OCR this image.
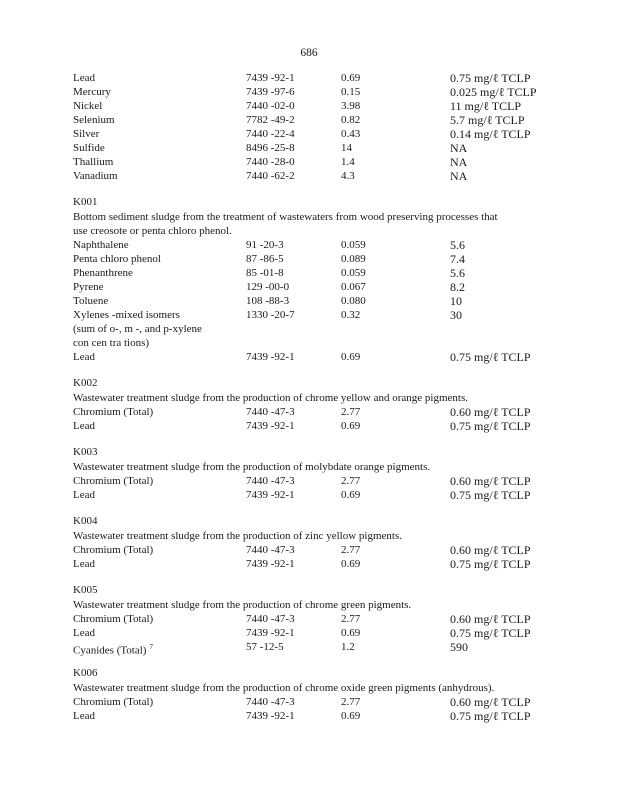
686
Lead	7439 -92-1	0.69	0.75 mg/ℓ TCLP
Mercury	7439 -97-6	0.15	0.025 mg/ℓ TCLP
Nickel	7440 -02-0	3.98	11 mg/ℓ TCLP
Selenium	7782 -49-2	0.82	5.7 mg/ℓ TCLP
Silver	7440 -22-4	0.43	0.14 mg/ℓ TCLP
Sulfide	8496 -25-8	14	NA
Thallium	7440 -28-0	1.4	NA
Vanadium	7440 -62-2	4.3	NA
K001
Bottom sediment sludge from the treatment of wastewaters from wood preserving processes that
use creosote or penta chloro phenol.
Naphthalene	91 -20-3	0.059	5.6
Penta chloro phenol	87 -86-5	0.089	7.4
Phenanthrene	85 -01-8	0.059	5.6
Pyrene	129 -00-0	0.067	8.2
Toluene	108 -88-3	0.080	10
Xylenes -mixed isomers	1330 -20-7	0.32	30
(sum of o-, m -, and p-xylene
con cen tra tions)
Lead	7439 -92-1	0.69	0.75 mg/ℓ TCLP
K002
Wastewater treatment sludge from the production of chrome yellow and orange pigments.
Chromium (Total)	7440 -47-3	2.77	0.60 mg/ℓ TCLP
Lead	7439 -92-1	0.69	0.75 mg/ℓ TCLP
K003
Wastewater treatment sludge from the production of molybdate orange pigments.
Chromium (Total)	7440 -47-3	2.77	0.60 mg/ℓ TCLP
Lead	7439 -92-1	0.69	0.75 mg/ℓ TCLP
K004
Wastewater treatment sludge from the production of zinc yellow pigments.
Chromium (Total)	7440 -47-3	2.77	0.60 mg/ℓ TCLP
Lead	7439 -92-1	0.69	0.75 mg/ℓ TCLP
K005
Wastewater treatment sludge from the production of chrome green pigments.
Chromium (Total)	7440 -47-3	2.77	0.60 mg/ℓ TCLP
Lead	7439 -92-1	0.69	0.75 mg/ℓ TCLP
Cyanides (Total) $^7$	57 -12-5	1.2	590
K006
Wastewater treatment sludge from the production of chrome oxide green pigments (anhydrous).
Chromium (Total)	7440 -47-3	2.77	0.60 mg/ℓ TCLP
Lead	7439 -92-1	0.69	0.75 mg/ℓ TCLP
